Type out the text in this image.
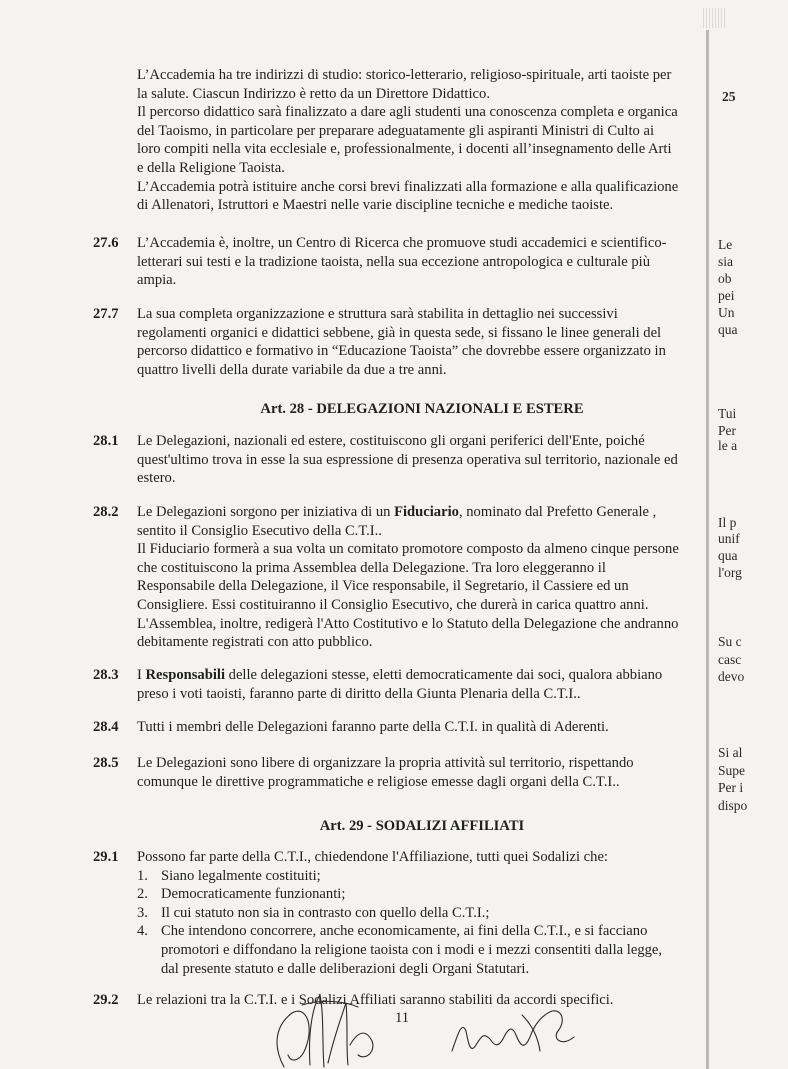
L’Accademia ha tre indirizzi di studio: storico-letterario, religioso-spirituale, arti taoiste per
la salute. Ciascun Indirizzo è retto da un Direttore Didattico.
Il percorso didattico sarà finalizzato a dare agli studenti una conoscenza completa e organica
del Taoismo, in particolare per preparare adeguatamente gli aspiranti Ministri di Culto ai
loro compiti nella vita ecclesiale e, professionalmente, i docenti all’insegnamento delle Arti
e della Religione Taoista.
L’Accademia potrà istituire anche corsi brevi finalizzati alla formazione e alla qualificazione
di Allenatori, Istruttori e Maestri nelle varie discipline tecniche e mediche taoiste.
27.6 L’Accademia è, inoltre, un Centro di Ricerca che promuove studi accademici e scientifico-
letterari sui testi e la tradizione taoista, nella sua eccezione antropologica e culturale più
ampia.
27.7 La sua completa organizzazione e struttura sarà stabilita in dettaglio nei successivi
regolamenti organici e didattici sebbene, già in questa sede, si fissano le linee generali del
percorso didattico e formativo in “Educazione Taoista” che dovrebbe essere organizzato in
quattro livelli della durate variabile da due a tre anni.
Art. 28 - DELEGAZIONI NAZIONALI E ESTERE
28.1 Le Delegazioni, nazionali ed estere, costituiscono gli organi periferici dell'Ente, poiché
quest'ultimo trova in esse la sua espressione di presenza operativa sul territorio, nazionale ed
estero.
28.2 Le Delegazioni sorgono per iniziativa di un Fiduciario, nominato dal Prefetto Generale ,
sentito il Consiglio Esecutivo della C.T.I..
Il Fiduciario formerà a sua volta un comitato promotore composto da almeno cinque persone
che costituiscono la prima Assemblea della Delegazione. Tra loro eleggeranno il
Responsabile della Delegazione, il Vice responsabile, il Segretario, il Cassiere ed un
Consigliere. Essi costituiranno il Consiglio Esecutivo, che durerà in carica quattro anni.
L'Assemblea, inoltre, redigerà l'Atto Costitutivo e lo Statuto della Delegazione che andranno
debitamente registrati con atto pubblico.
28.3 I Responsabili delle delegazioni stesse, eletti democraticamente dai soci, qualora abbiano
preso i voti taoisti, faranno parte di diritto della Giunta Plenaria della C.T.I..
28.4 Tutti i membri delle Delegazioni faranno parte della C.T.I. in qualità di Aderenti.
28.5 Le Delegazioni sono libere di organizzare la propria attività sul territorio, rispettando
comunque le direttive programmatiche e religiose emesse dagli organi della C.T.I..
Art. 29 - SODALIZI AFFILIATI
29.1 Possono far parte della C.T.I., chiedendone l'Affiliazione, tutti quei Sodalizi che:
1. Siano legalmente costituiti;
2. Democraticamente funzionanti;
3. Il cui statuto non sia in contrasto con quello della C.T.I.;
4. Che intendono concorrere, anche economicamente, ai fini della C.T.I., e si facciano
promotori e diffondano la religione taoista con i modi e i mezzi consentiti dalla legge,
dal presente statuto e dalle deliberazioni degli Organi Statutari.
29.2 Le relazioni tra la C.T.I. e i Sodalizi Affiliati saranno stabiliti da accordi specifici.
11
25
Le
sia
ob
pei
Un
qua
Tui
Per
le a
Il p
unif
qua
l'org
Su c
casc
devo
Si al
Supe
Per i
dispo
